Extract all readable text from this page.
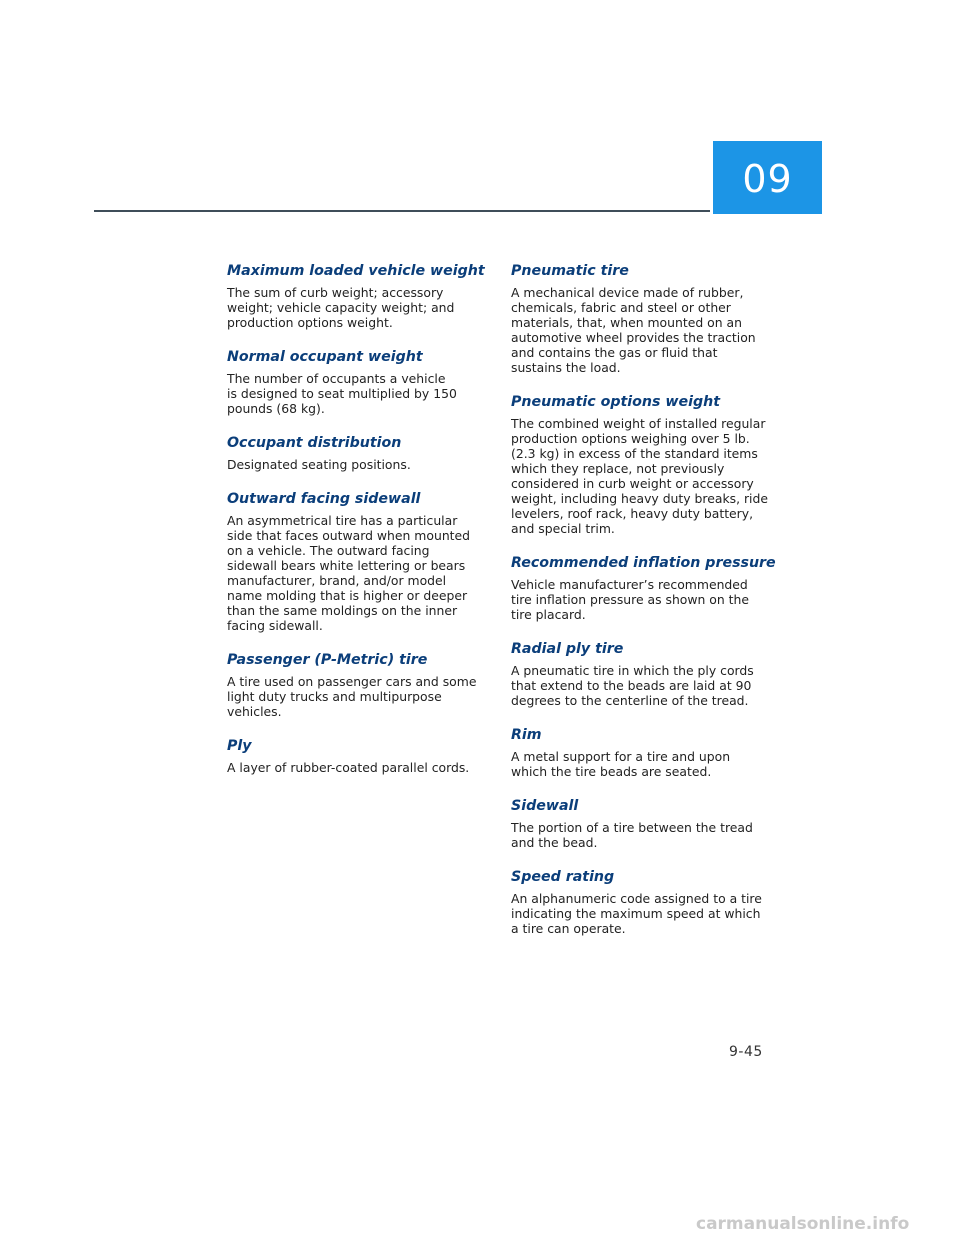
09
Maximum loaded vehicle weight

The sum of curb weight; accessory
weight; vehicle capacity weight; and
production options weight.

Normal occupant weight

The number of occupants a vehicle
is designed to seat multiplied by 150
pounds (68 kg).

Occupant distribution

Designated seating positions.

Outward facing sidewall

An asymmetrical tire has a particular
side that faces outward when mounted
on a vehicle. The outward facing
sidewall bears white lettering or bears
manufacturer, brand, and/or model
name molding that is higher or deeper
than the same moldings on the inner
facing sidewall.

Passenger (P-Metric) tire

A tire used on passenger cars and some
light duty trucks and multipurpose
vehicles.

Ply

A layer of rubber-coated parallel cords.

Pneumatic tire

A mechanical device made of rubber,
chemicals, fabric and steel or other
materials, that, when mounted on an
automotive wheel provides the traction
and contains the gas or fluid that
sustains the load.

Pneumatic options weight

The combined weight of installed regular
production options weighing over 5 lb.
(2.3 kg) in excess of the standard items
which they replace, not previously
considered in curb weight or accessory
weight, including heavy duty breaks, ride
levelers, roof rack, heavy duty battery,
and special trim.

Recommended inflation pressure

Vehicle manufacturer’s recommended
tire inflation pressure as shown on the
tire placard.

Radial ply tire

A pneumatic tire in which the ply cords
that extend to the beads are laid at 90
degrees to the centerline of the tread.

Rim

A metal support for a tire and upon
which the tire beads are seated.

Sidewall

The portion of a tire between the tread
and the bead.

Speed rating

An alphanumeric code assigned to a tire
indicating the maximum speed at which
a tire can operate.

9-45
carmanualsonline.info
